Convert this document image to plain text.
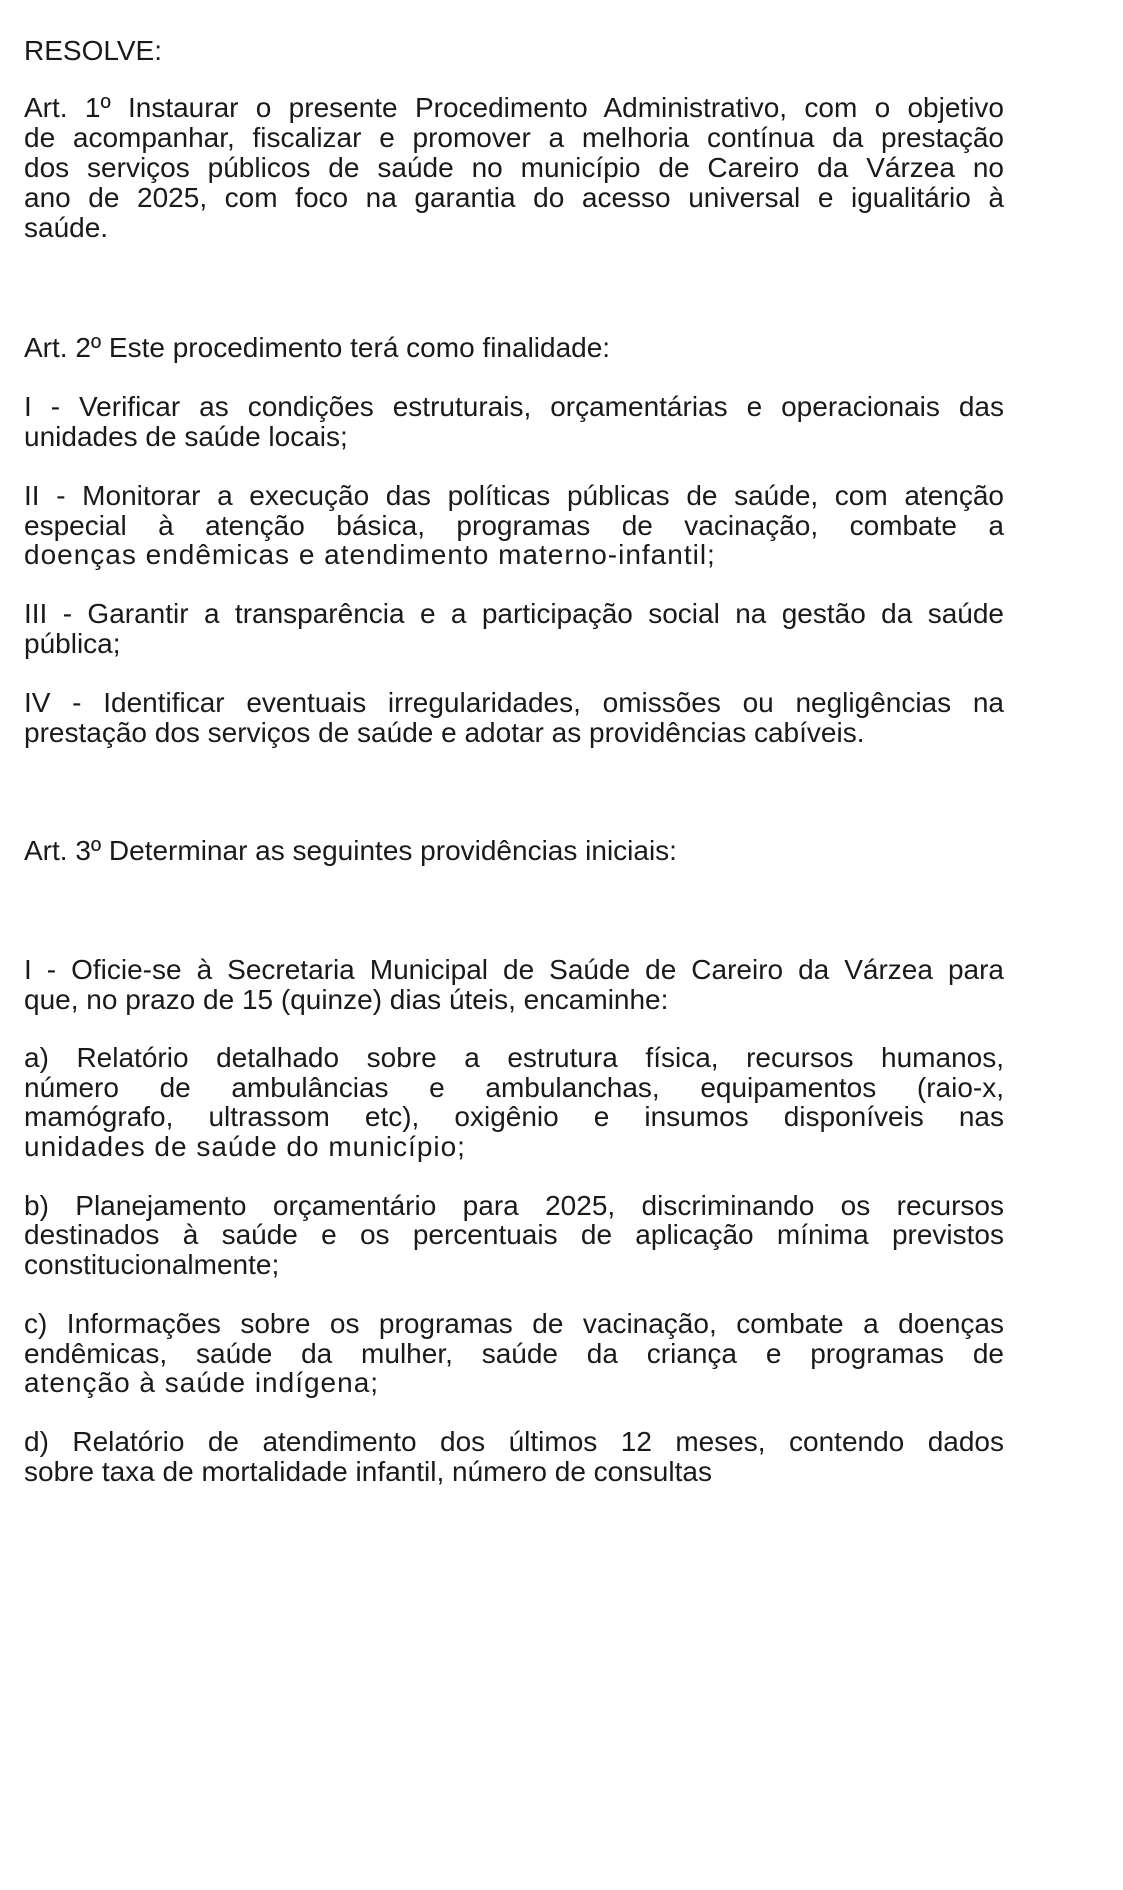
RESOLVE:
Art. 1º Instaurar o presente Procedimento Administrativo, com o objetivo
de acompanhar, fiscalizar e promover a melhoria contínua da prestação
dos serviços públicos de saúde no município de Careiro da Várzea no
ano de 2025, com foco na garantia do acesso universal e igualitário à
saúde.
Art. 2º Este procedimento terá como finalidade:
I - Verificar as condições estruturais, orçamentárias e operacionais das
unidades de saúde locais;
II - Monitorar a execução das políticas públicas de saúde, com atenção
especial à atenção básica, programas de vacinação, combate a
doenças endêmicas e atendimento materno-infantil;
III - Garantir a transparência e a participação social na gestão da saúde
pública;
IV - Identificar eventuais irregularidades, omissões ou negligências na
prestação dos serviços de saúde e adotar as providências cabíveis.
Art. 3º Determinar as seguintes providências iniciais:
I - Oficie-se à Secretaria Municipal de Saúde de Careiro da Várzea para
que, no prazo de 15 (quinze) dias úteis, encaminhe:
a) Relatório detalhado sobre a estrutura física, recursos humanos,
número de ambulâncias e ambulanchas, equipamentos (raio-x,
mamógrafo, ultrassom etc), oxigênio e insumos disponíveis nas
unidades de saúde do município;
b) Planejamento orçamentário para 2025, discriminando os recursos
destinados à saúde e os percentuais de aplicação mínima previstos
constitucionalmente;
c) Informações sobre os programas de vacinação, combate a doenças
endêmicas, saúde da mulher, saúde da criança e programas de
atenção à saúde indígena;
d) Relatório de atendimento dos últimos 12 meses, contendo dados
sobre taxa de mortalidade infantil, número de consultas
